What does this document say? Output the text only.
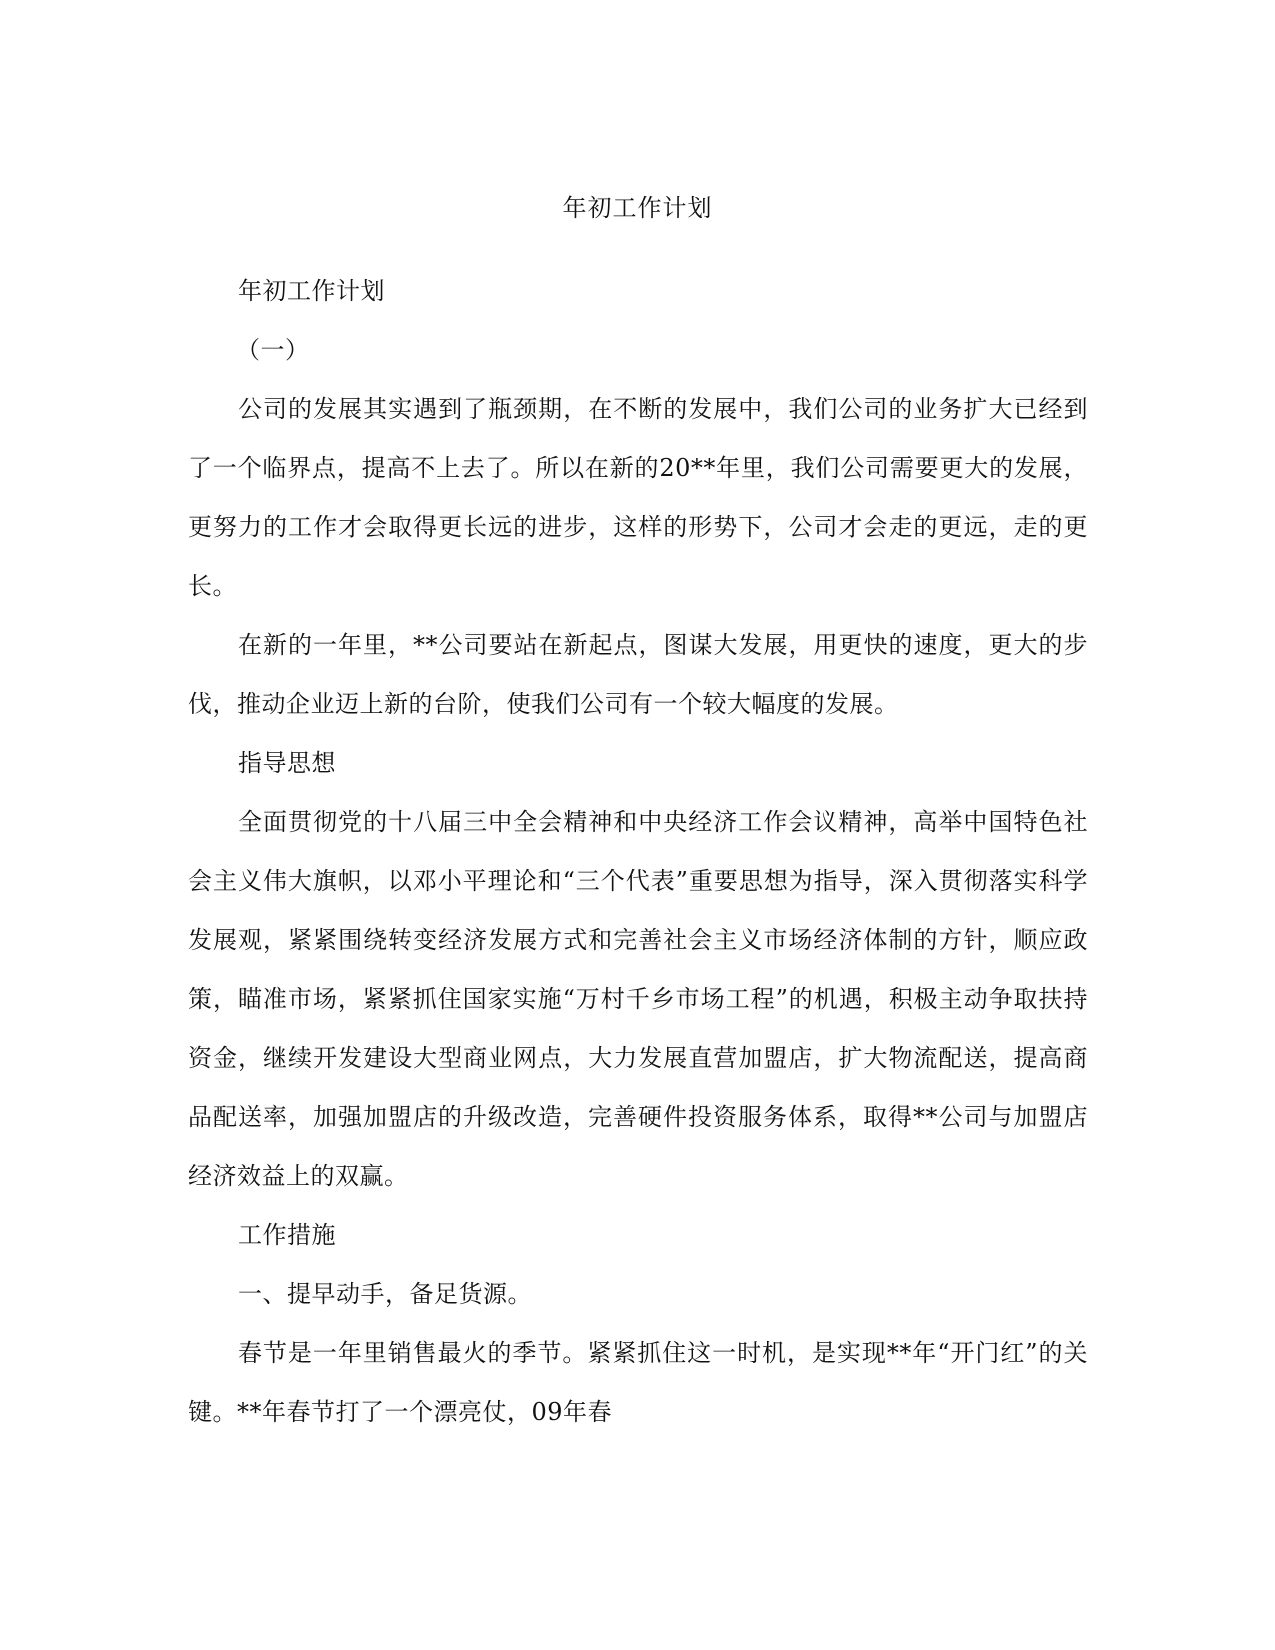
年初工作计划

年初工作计划

（一）

公司的发展其实遇到了瓶颈期，在不断的发展中，我们公司的业务扩大已经到了一个临界点，提高不上去了。所以在新的20**年里，我们公司需要更大的发展，更努力的工作才会取得更长远的进步，这样的形势下，公司才会走的更远，走的更长。

在新的一年里，**公司要站在新起点，图谋大发展，用更快的速度，更大的步伐，推动企业迈上新的台阶，使我们公司有一个较大幅度的发展。

指导思想

全面贯彻党的十八届三中全会精神和中央经济工作会议精神，高举中国特色社会主义伟大旗帜，以邓小平理论和“三个代表”重要思想为指导，深入贯彻落实科学发展观，紧紧围绕转变经济发展方式和完善社会主义市场经济体制的方针，顺应政策，瞄准市场，紧紧抓住国家实施“万村千乡市场工程”的机遇，积极主动争取扶持资金，继续开发建设大型商业网点，大力发展直营加盟店，扩大物流配送，提高商品配送率，加强加盟店的升级改造，完善硬件投资服务体系，取得**公司与加盟店经济效益上的双赢。

工作措施

一、提早动手，备足货源。

春节是一年里销售最火的季节。紧紧抓住这一时机，是实现**年“开门红”的关键。**年春节打了一个漂亮仗，09年春
